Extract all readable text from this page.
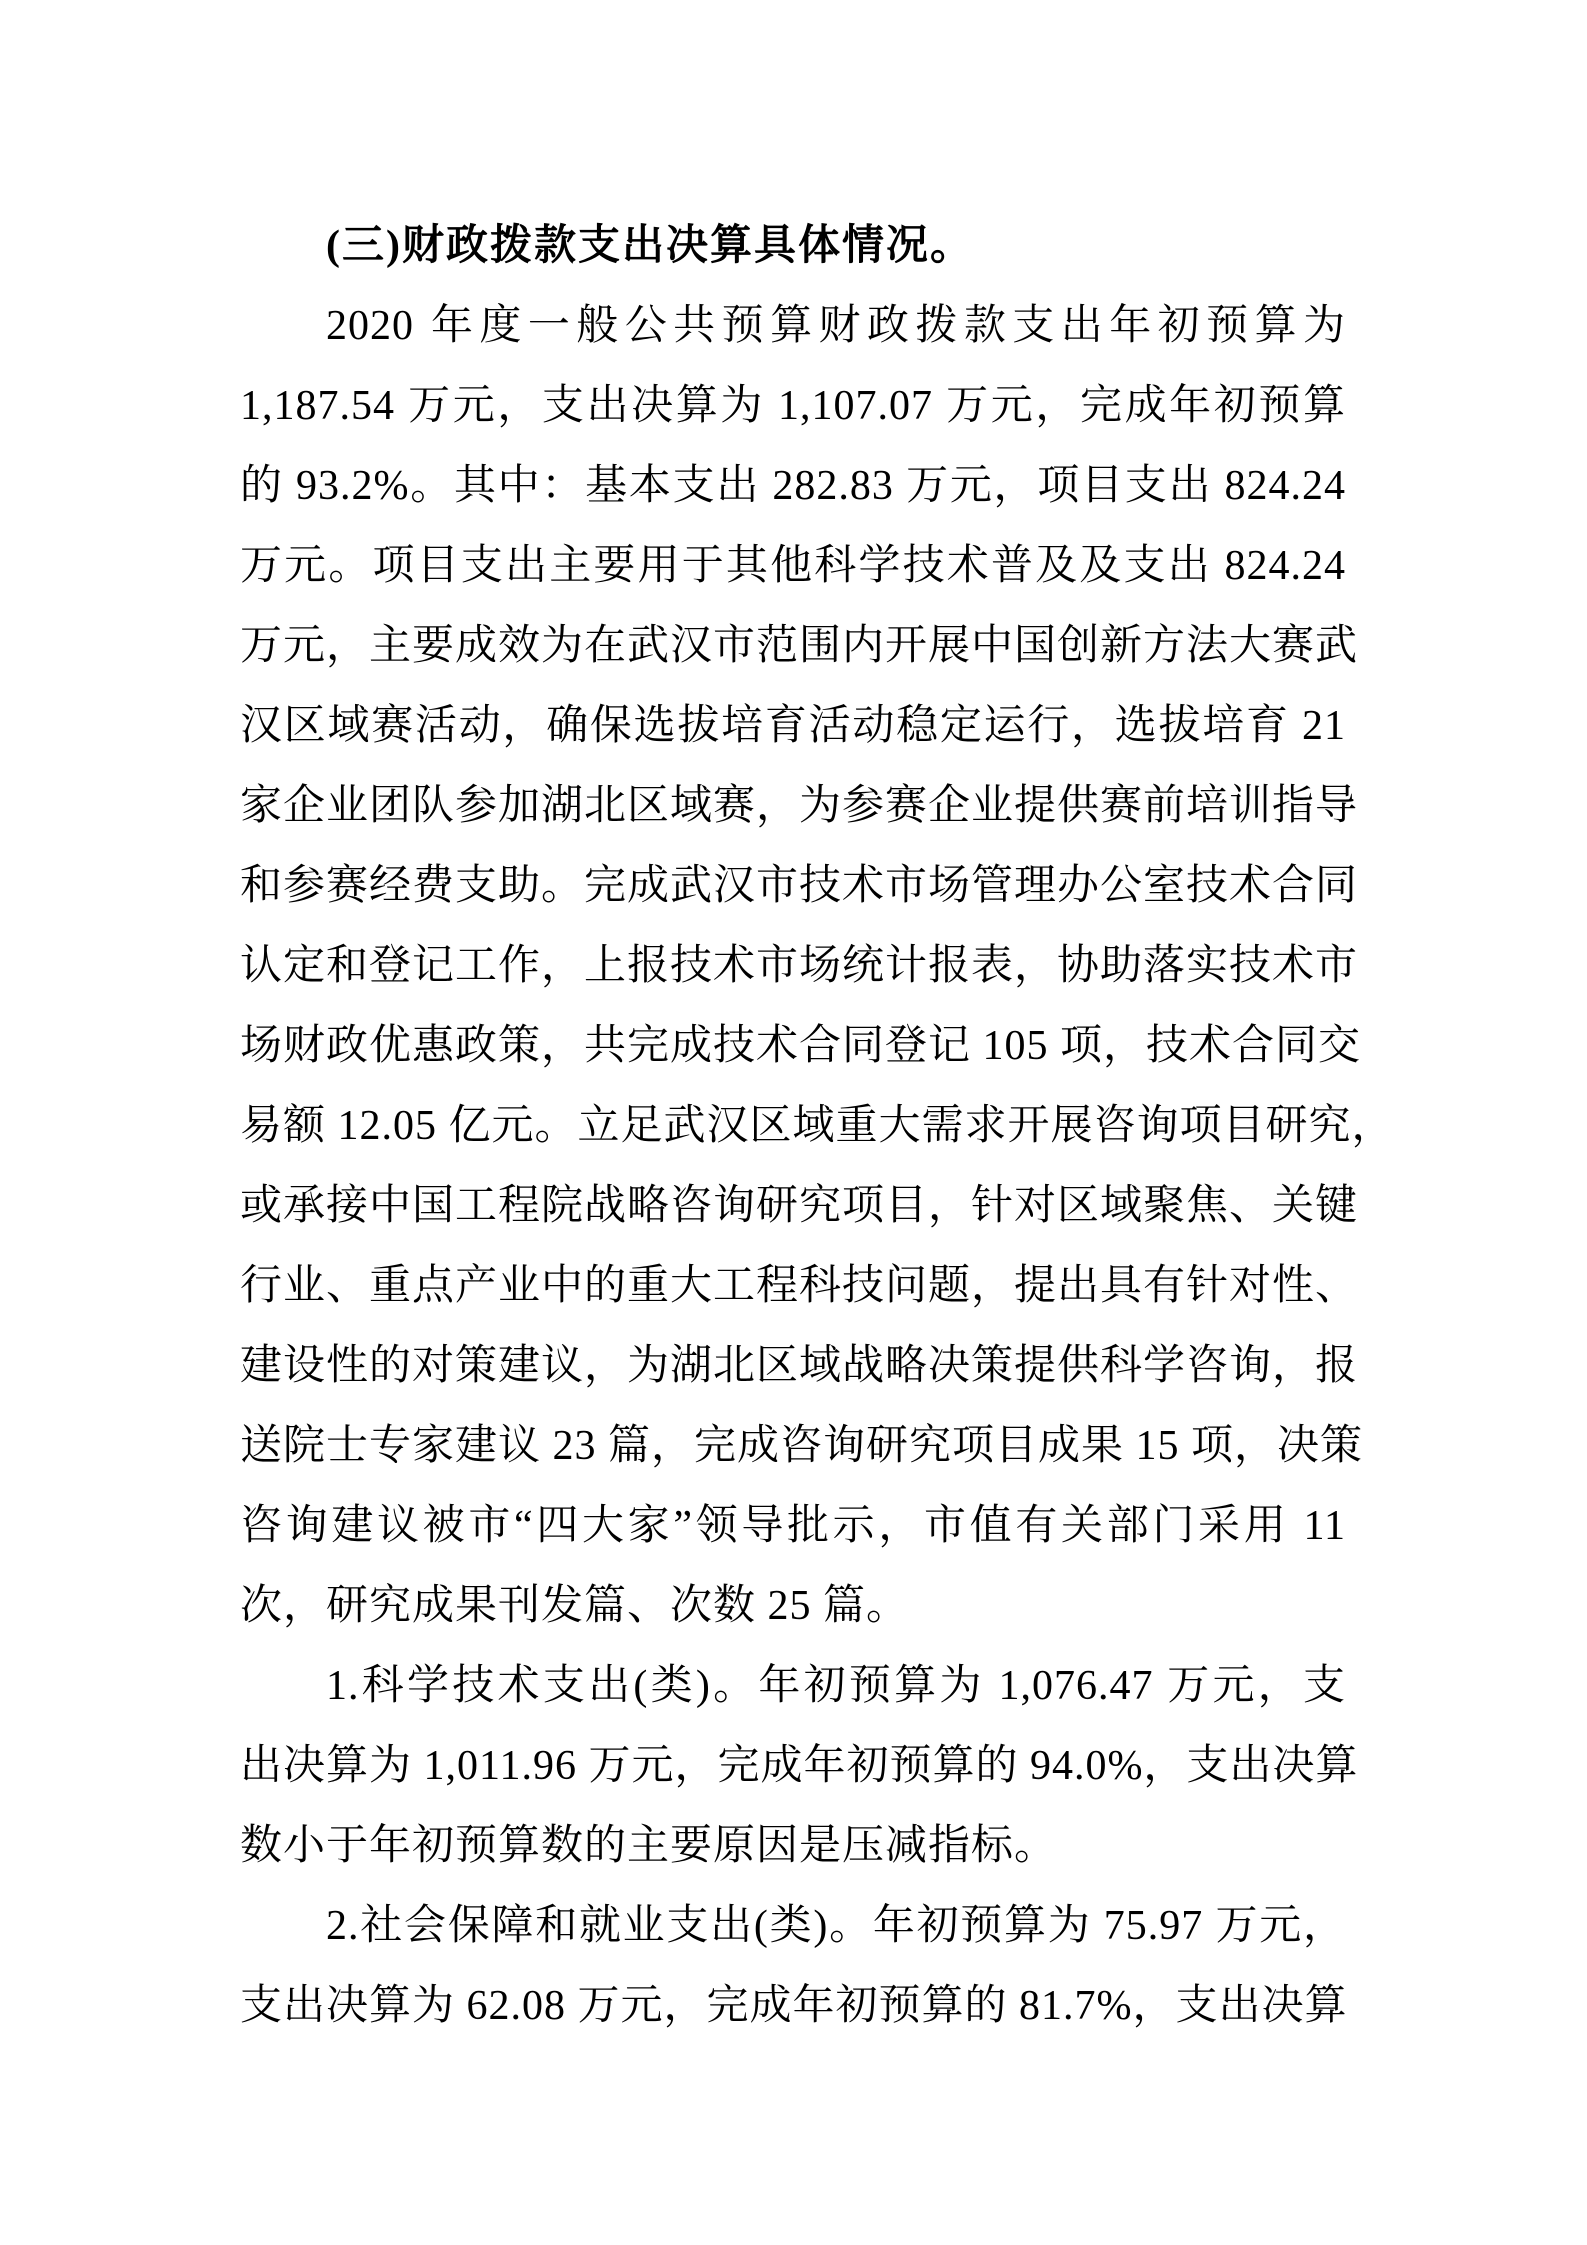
(三)财政拨款支出决算具体情况。
2020 年度一般公共预算财政拨款支出年初预算为
1,187.54 万元，支出决算为 1,107.07 万元，完成年初预算
的 93.2%。其中：基本支出 282.83 万元，项目支出 824.24
万元。项目支出主要用于其他科学技术普及及支出 824.24
万元，主要成效为在武汉市范围内开展中国创新方法大赛武
汉区域赛活动，确保选拔培育活动稳定运行，选拔培育 21
家企业团队参加湖北区域赛，为参赛企业提供赛前培训指导
和参赛经费支助。完成武汉市技术市场管理办公室技术合同
认定和登记工作，上报技术市场统计报表，协助落实技术市
场财政优惠政策，共完成技术合同登记 105 项，技术合同交
易额 12.05 亿元。立足武汉区域重大需求开展咨询项目研究，
或承接中国工程院战略咨询研究项目，针对区域聚焦、关键
行业、重点产业中的重大工程科技问题，提出具有针对性、
建设性的对策建议，为湖北区域战略决策提供科学咨询，报
送院士专家建议 23 篇，完成咨询研究项目成果 15 项，决策
咨询建议被市“四大家”领导批示，市值有关部门采用 11
次，研究成果刊发篇、次数 25 篇。
1.科学技术支出(类)。年初预算为 1,076.47 万元，支
出决算为 1,011.96 万元，完成年初预算的 94.0%，支出决算
数小于年初预算数的主要原因是压减指标。
2.社会保障和就业支出(类)。年初预算为 75.97 万元，
支出决算为 62.08 万元，完成年初预算的 81.7%，支出决算
